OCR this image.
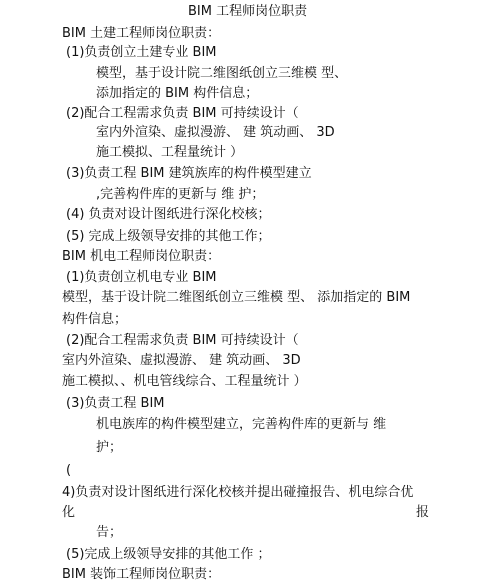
BIM 工程师岗位职责
BIM 土建工程师岗位职责：
(1)负责创立土建专业 BIM
模型，基于设计院二维图纸创立三维模 型、
添加指定的 BIM 构件信息；
(2)配合工程需求负责 BIM 可持续设计（
室内外渲染、虚拟漫游、 建 筑动画、 3D
施工模拟、工程量统计 ）
(3)负责工程 BIM 建筑族库的构件模型建立
,完善构件库的更新与 维 护；
(4) 负责对设计图纸进行深化校核；
(5) 完成上级领导安排的其他工作；
BIM 机电工程师岗位职责：
(1)负责创立机电专业 BIM
模型，基于设计院二维图纸创立三维模 型、 添加指定的 BIM
构件信息；
(2)配合工程需求负责 BIM 可持续设计（
室内外渲染、虚拟漫游、 建 筑动画、 3D
施工模拟、、机电管线综合、工程量统计 ）
(3)负责工程 BIM
机电族库的构件模型建立，完善构件库的更新与 维
护；
(
4)负责对设计图纸进行深化校核并提出碰撞报告、机电综合优
化	报
告；
(5)完成上级领导安排的其他工作 ；
BIM 装饰工程师岗位职责：
